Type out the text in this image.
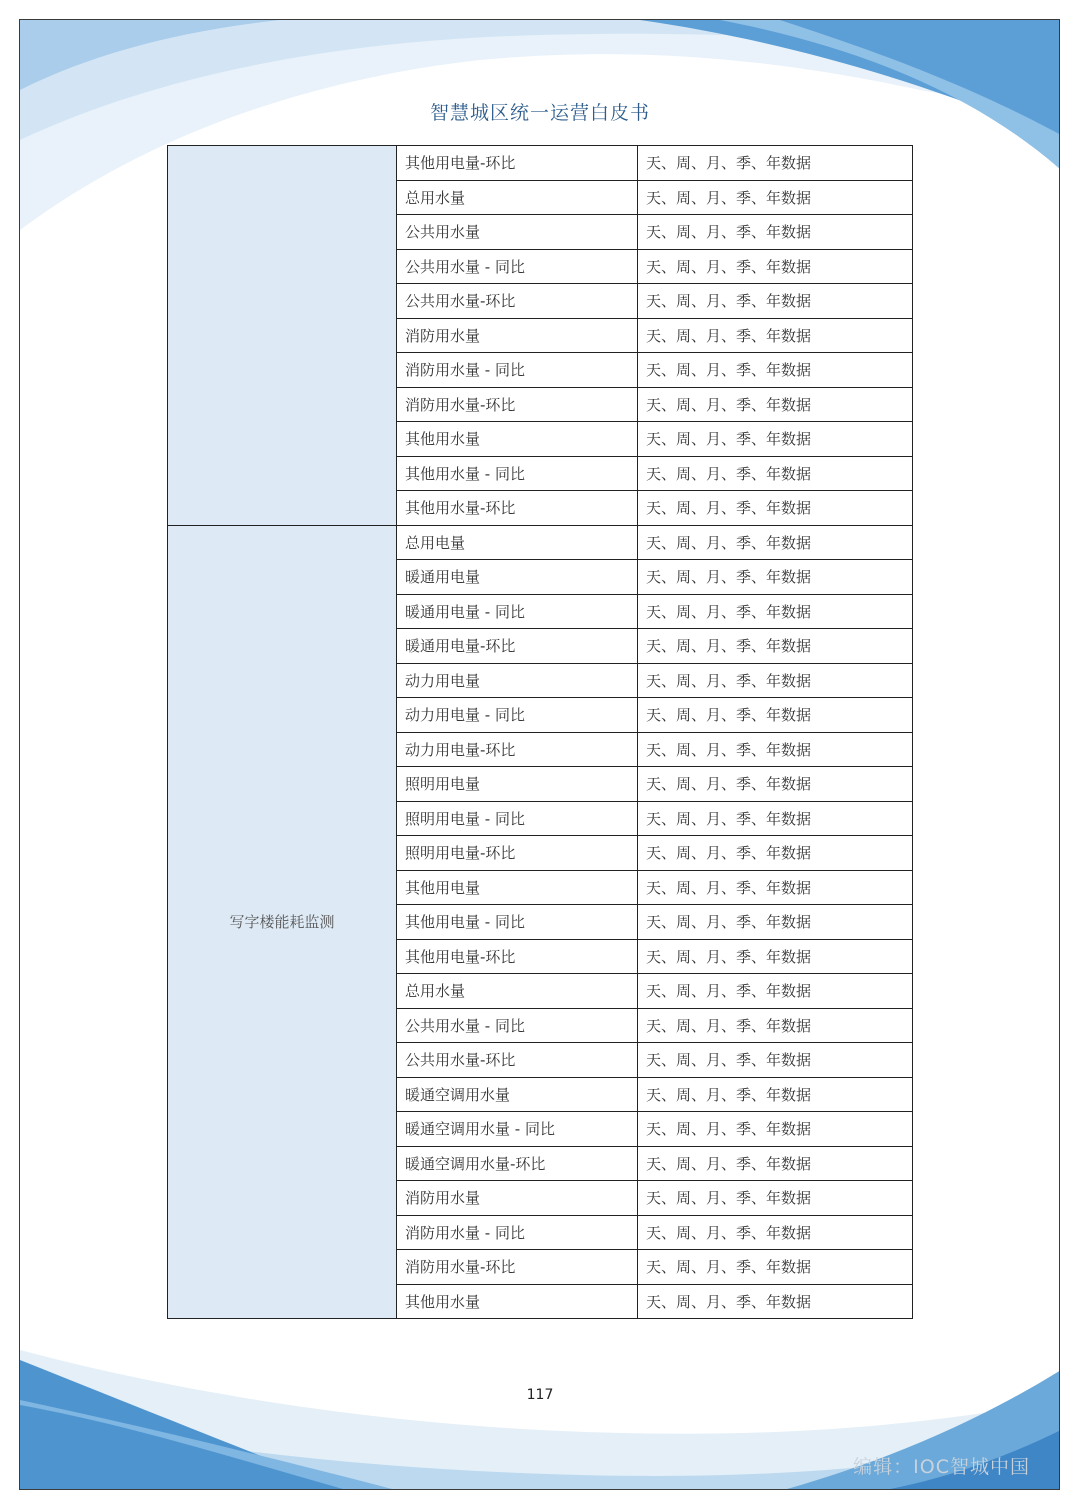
智慧城区统一运营白皮书
	其他用电量-环比	天、周、月、季、年数据
	总用水量	天、周、月、季、年数据
	公共用水量	天、周、月、季、年数据
	公共用水量 - 同比	天、周、月、季、年数据
	公共用水量-环比	天、周、月、季、年数据
	消防用水量	天、周、月、季、年数据
	消防用水量 - 同比	天、周、月、季、年数据
	消防用水量-环比	天、周、月、季、年数据
	其他用水量	天、周、月、季、年数据
	其他用水量 - 同比	天、周、月、季、年数据
	其他用水量-环比	天、周、月、季、年数据
写字楼能耗监测	总用电量	天、周、月、季、年数据
	暖通用电量	天、周、月、季、年数据
	暖通用电量 - 同比	天、周、月、季、年数据
	暖通用电量-环比	天、周、月、季、年数据
	动力用电量	天、周、月、季、年数据
	动力用电量 - 同比	天、周、月、季、年数据
	动力用电量-环比	天、周、月、季、年数据
	照明用电量	天、周、月、季、年数据
	照明用电量 - 同比	天、周、月、季、年数据
	照明用电量-环比	天、周、月、季、年数据
	其他用电量	天、周、月、季、年数据
	其他用电量 - 同比	天、周、月、季、年数据
	其他用电量-环比	天、周、月、季、年数据
	总用水量	天、周、月、季、年数据
	公共用水量 - 同比	天、周、月、季、年数据
	公共用水量-环比	天、周、月、季、年数据
	暖通空调用水量	天、周、月、季、年数据
	暖通空调用水量 - 同比	天、周、月、季、年数据
	暖通空调用水量-环比	天、周、月、季、年数据
	消防用水量	天、周、月、季、年数据
	消防用水量 - 同比	天、周、月、季、年数据
	消防用水量-环比	天、周、月、季、年数据
	其他用水量	天、周、月、季、年数据
117
编辑：IOC智城中国
